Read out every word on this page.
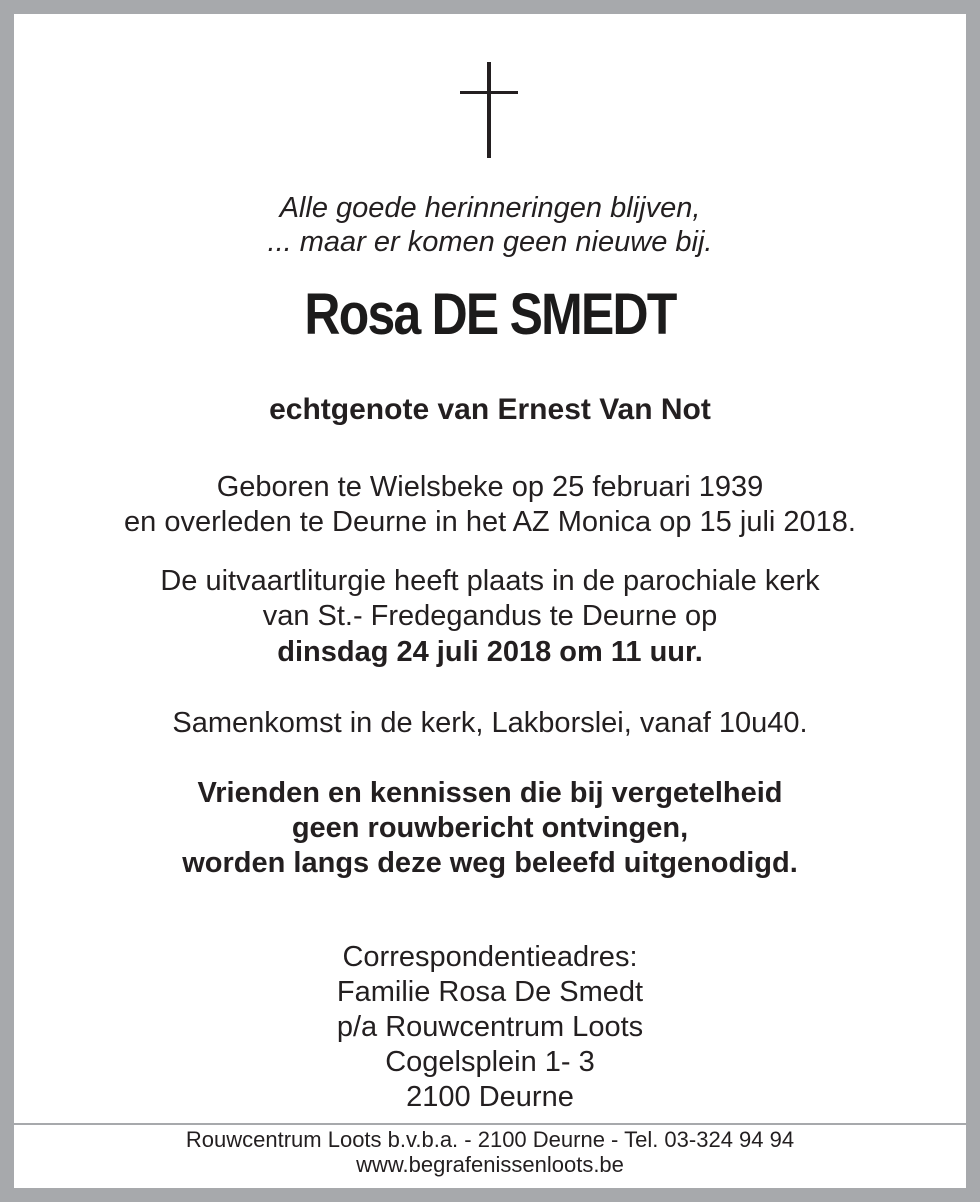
Alle goede herinneringen blijven,
... maar er komen geen nieuwe bij.
Rosa DE SMEDT
echtgenote van Ernest Van Not
Geboren te Wielsbeke op 25 februari 1939
en overleden te Deurne in het AZ Monica op 15 juli 2018.
De uitvaartliturgie heeft plaats in de parochiale kerk
van St.- Fredegandus te Deurne op
dinsdag 24 juli 2018 om 11 uur.
Samenkomst in de kerk, Lakborslei, vanaf 10u40.
Vrienden en kennissen die bij vergetelheid
geen rouwbericht ontvingen,
worden langs deze weg beleefd uitgenodigd.
Correspondentieadres:
Familie Rosa De Smedt
p/a Rouwcentrum Loots
Cogelsplein 1- 3
2100 Deurne
Rouwcentrum Loots b.v.b.a. - 2100 Deurne - Tel. 03-324 94 94
www.begrafenissenloots.be
